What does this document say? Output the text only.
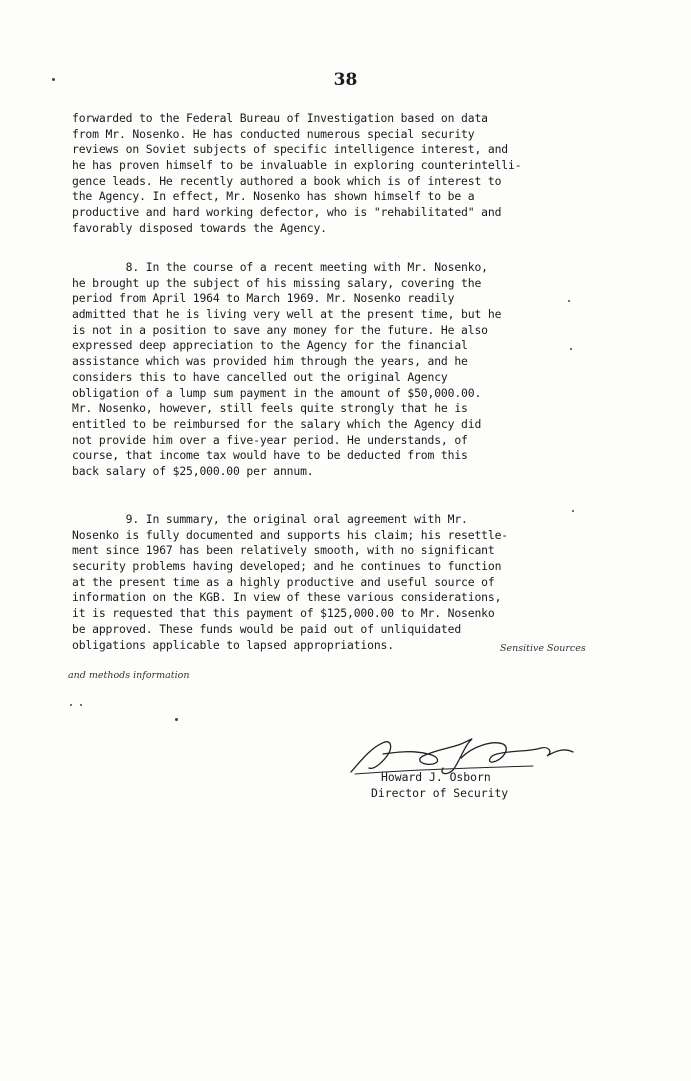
38
forwarded to the Federal Bureau of Investigation based on data
from Mr. Nosenko. He has conducted numerous special security
reviews on Soviet subjects of specific intelligence interest, and
he has proven himself to be invaluable in exploring counterintelli-
gence leads. He recently authored a book which is of interest to
the Agency. In effect, Mr. Nosenko has shown himself to be a
productive and hard working defector, who is "rehabilitated" and
favorably disposed towards the Agency.
8. In the course of a recent meeting with Mr. Nosenko,
he brought up the subject of his missing salary, covering the
period from April 1964 to March 1969. Mr. Nosenko readily
admitted that he is living very well at the present time, but he
is not in a position to save any money for the future. He also
expressed deep appreciation to the Agency for the financial
assistance which was provided him through the years, and he
considers this to have cancelled out the original Agency
obligation of a lump sum payment in the amount of $50,000.00.
Mr. Nosenko, however, still feels quite strongly that he is
entitled to be reimbursed for the salary which the Agency did
not provide him over a five-year period. He understands, of
course, that income tax would have to be deducted from this
back salary of $25,000.00 per annum.
9. In summary, the original oral agreement with Mr.
Nosenko is fully documented and supports his claim; his resettle-
ment since 1967 has been relatively smooth, with no significant
security problems having developed; and he continues to function
at the present time as a highly productive and useful source of
information on the KGB. In view of these various considerations,
it is requested that this payment of $125,000.00 to Mr. Nosenko
be approved. These funds would be paid out of unliquidated
obligations applicable to lapsed appropriations.	Sensitive Sources
and methods information
Howard J. Osborn
Director of Security
